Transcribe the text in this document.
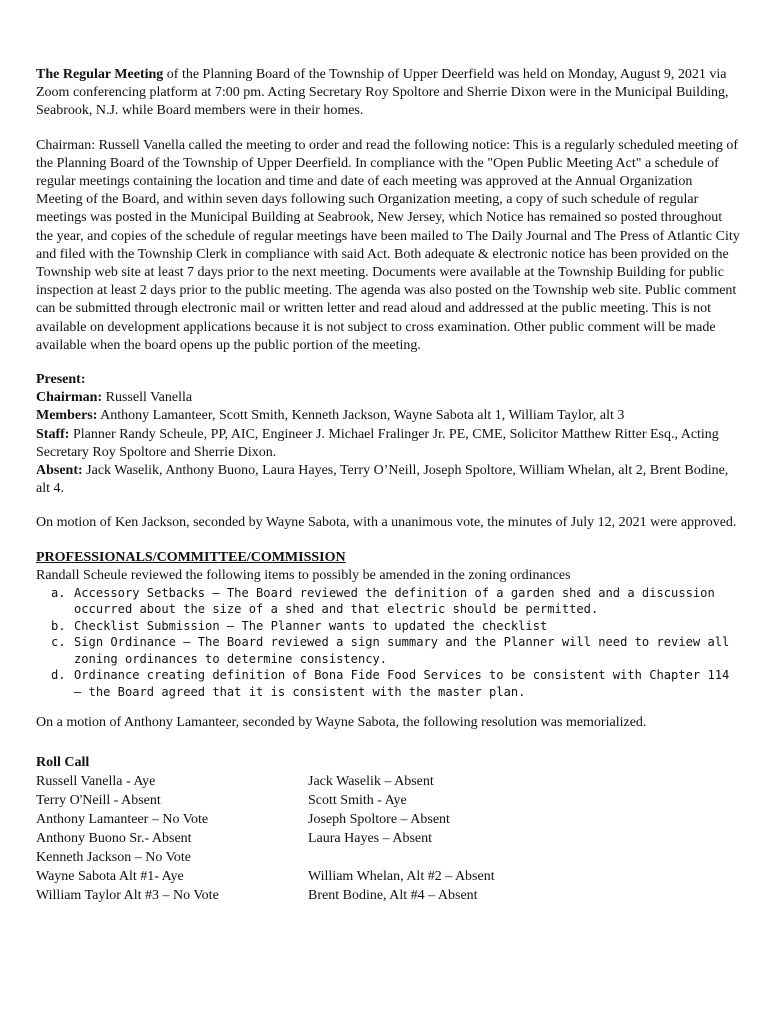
The Regular Meeting of the Planning Board of the Township of Upper Deerfield was held on Monday, August 9, 2021 via Zoom conferencing platform at 7:00 pm. Acting Secretary Roy Spoltore and Sherrie Dixon were in the Municipal Building, Seabrook, N.J. while Board members were in their homes.

Chairman: Russell Vanella called the meeting to order and read the following notice: This is a regularly scheduled meeting of the Planning Board of the Township of Upper Deerfield. In compliance with the "Open Public Meeting Act" a schedule of regular meetings containing the location and time and date of each meeting was approved at the Annual Organization Meeting of the Board, and within seven days following such Organization meeting, a copy of such schedule of regular meetings was posted in the Municipal Building at Seabrook, New Jersey, which Notice has remained so posted throughout the year, and copies of the schedule of regular meetings have been mailed to The Daily Journal and The Press of Atlantic City and filed with the Township Clerk in compliance with said Act. Both adequate & electronic notice has been provided on the Township web site at least 7 days prior to the next meeting. Documents were available at the Township Building for public inspection at least 2 days prior to the public meeting. The agenda was also posted on the Township web site. Public comment can be submitted through electronic mail or written letter and read aloud and addressed at the public meeting. This is not available on development applications because it is not subject to cross examination. Other public comment will be made available when the board opens up the public portion of the meeting.

Present:

Chairman: Russell Vanella

Members: Anthony Lamanteer, Scott Smith, Kenneth Jackson, Wayne Sabota alt 1, William Taylor, alt 3

Staff: Planner Randy Scheule, PP, AIC, Engineer J. Michael Fralinger Jr. PE, CME, Solicitor Matthew Ritter Esq., Acting Secretary Roy Spoltore and Sherrie Dixon.

Absent: Jack Waselik, Anthony Buono, Laura Hayes, Terry O’Neill, Joseph Spoltore, William Whelan, alt 2, Brent Bodine, alt 4.

On motion of Ken Jackson, seconded by Wayne Sabota, with a unanimous vote, the minutes of July 12, 2021 were approved.

PROFESSIONALS/COMMITTEE/COMMISSION

Randall Scheule reviewed the following items to possibly be amended in the zoning ordinances

a. Accessory Setbacks – The Board reviewed the definition of a garden shed and a discussion occurred about the size of a shed and that electric should be permitted.
b. Checklist Submission – The Planner wants to updated the checklist
c. Sign Ordinance – The Board reviewed a sign summary and the Planner will need to review all zoning ordinances to determine consistency.
d. Ordinance creating definition of Bona Fide Food Services to be consistent with Chapter 114 – the Board agreed that it is consistent with the master plan.

On a motion of Anthony Lamanteer, seconded by Wayne Sabota, the following resolution was memorialized.

Roll Call
Russell Vanella - Aye	Jack Waselik – Absent
Terry O'Neill - Absent	Scott Smith - Aye
Anthony Lamanteer – No Vote	Joseph Spoltore – Absent
Anthony Buono Sr.- Absent	Laura Hayes – Absent
Kenneth Jackson – No Vote
Wayne Sabota Alt #1- Aye	William Whelan, Alt #2 – Absent
William Taylor Alt #3 – No Vote	Brent Bodine, Alt #4 – Absent
